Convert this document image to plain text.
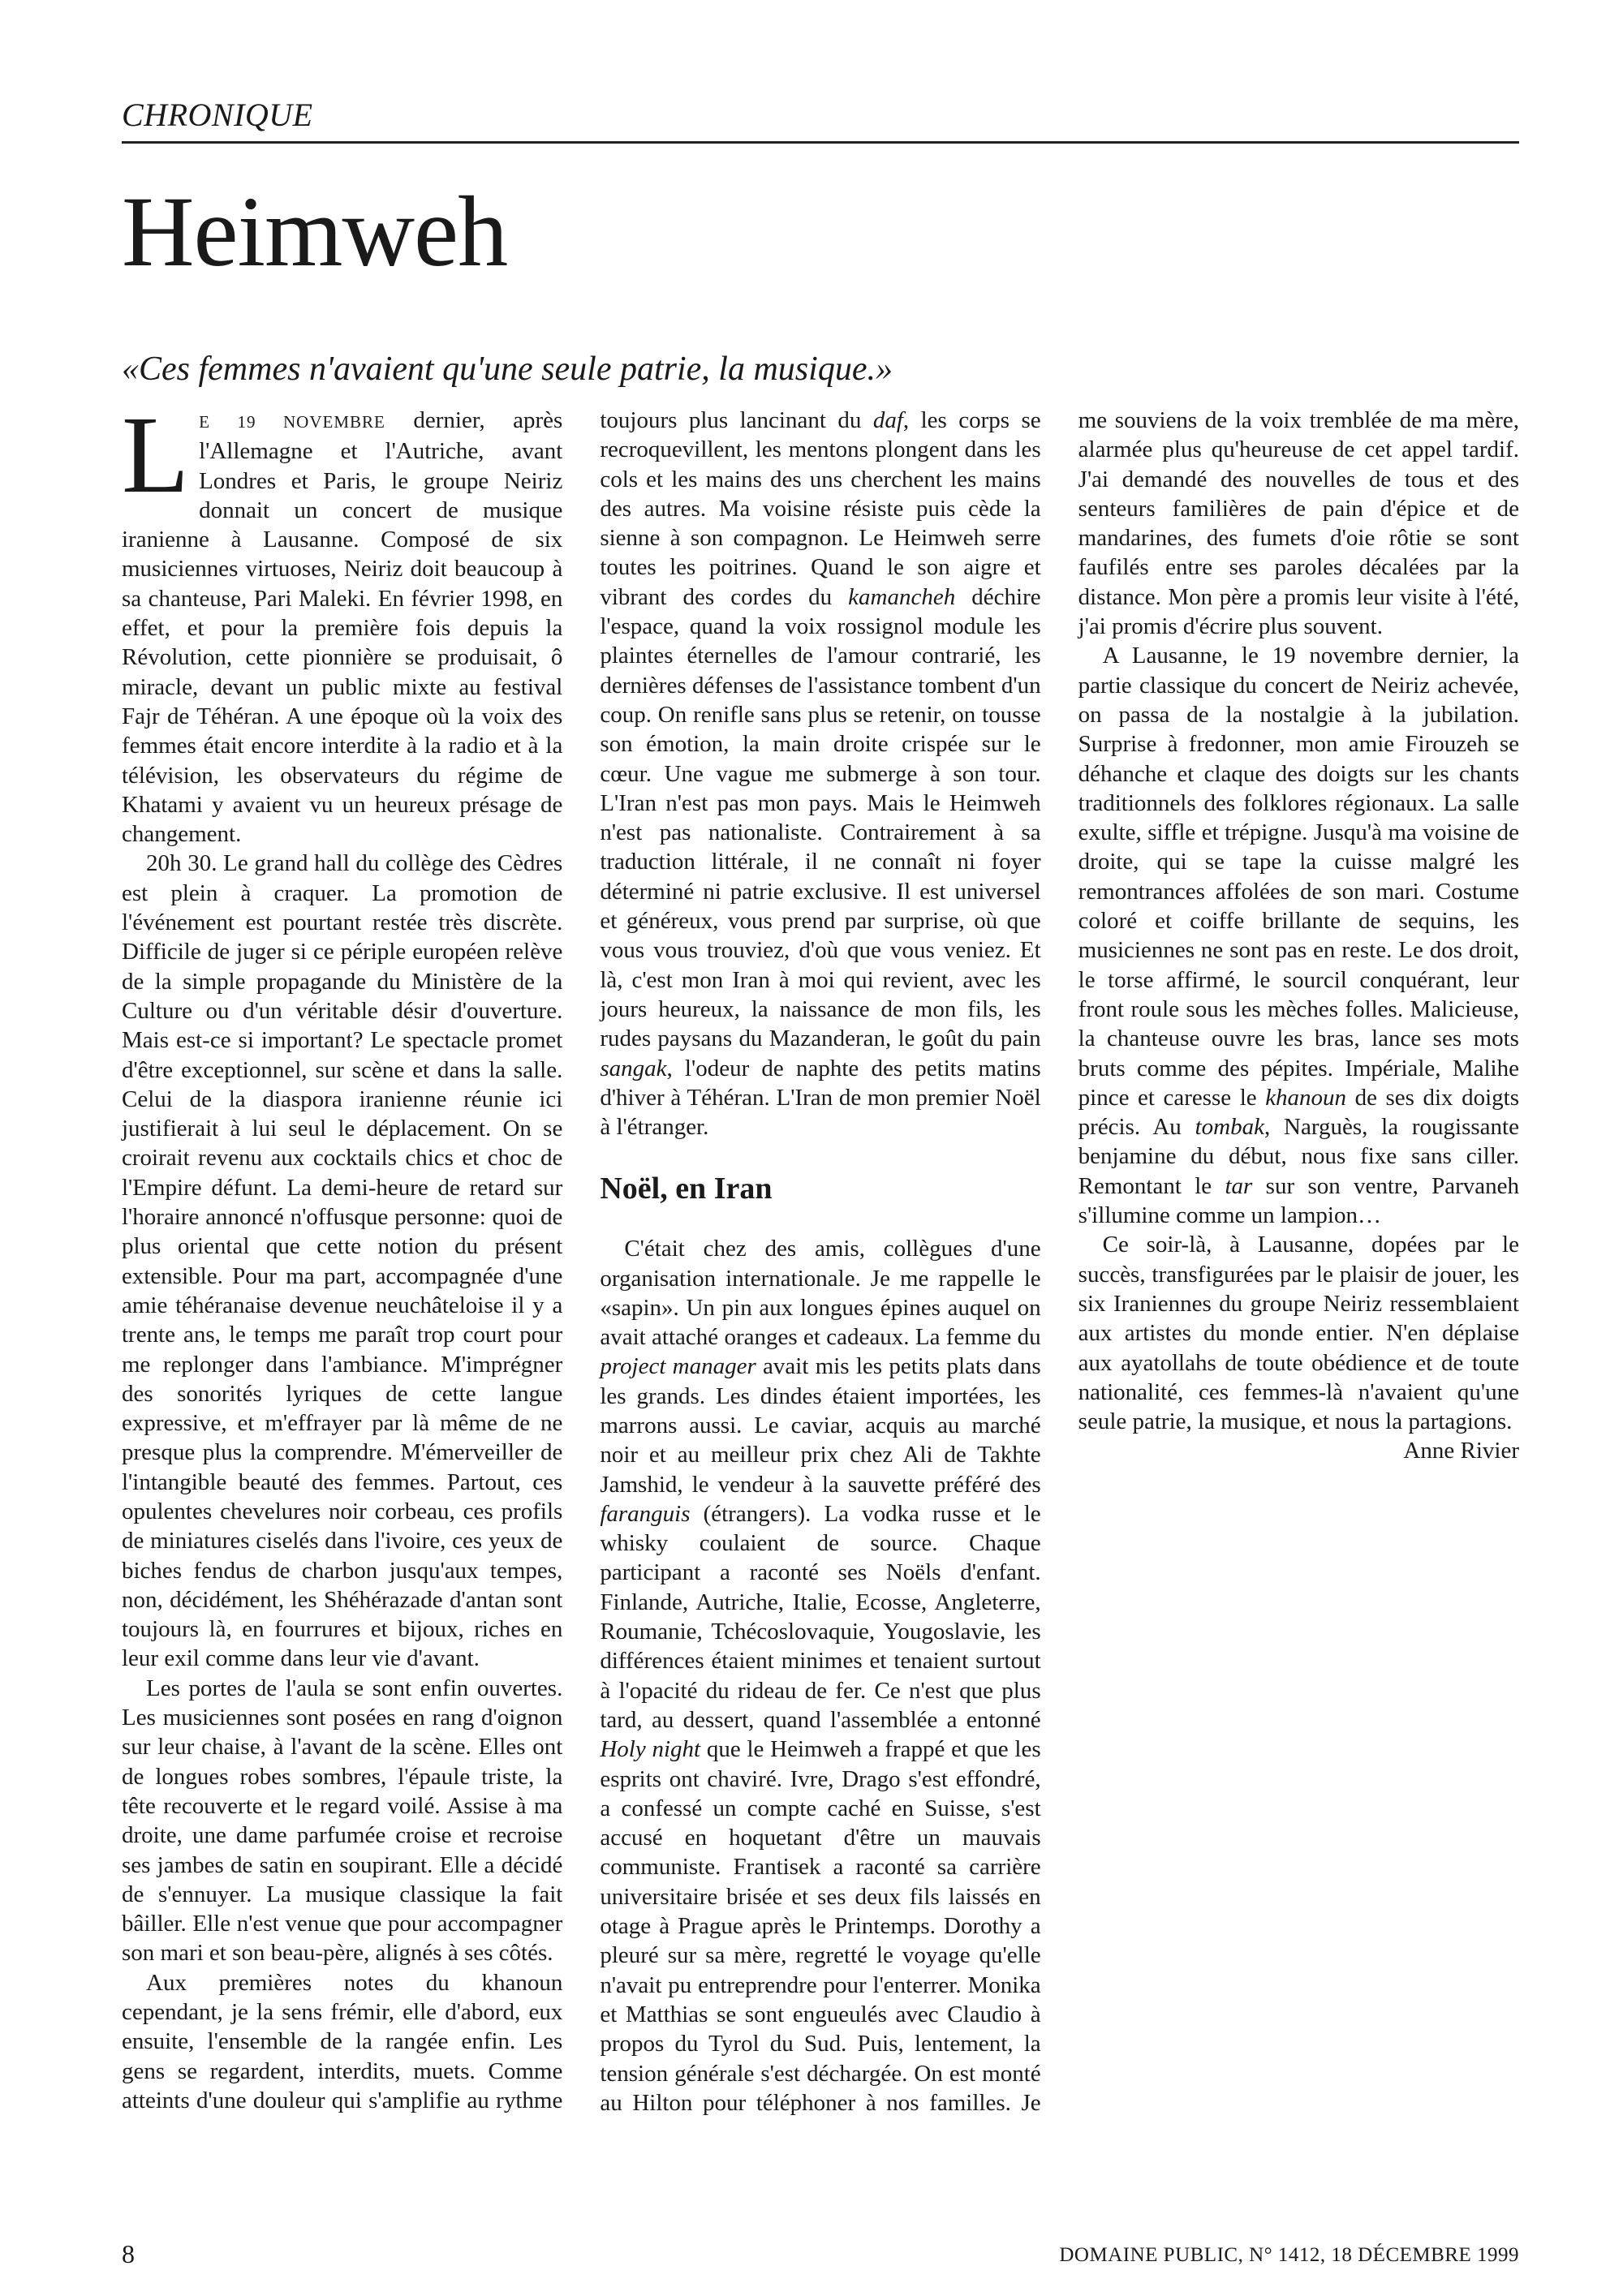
CHRONIQUE
Heimweh

«Ces femmes n'avaient qu'une seule patrie, la musique.»

LE 19 NOVEMBRE dernier, après l'Allemagne et l'Autriche, avant Londres et Paris, le groupe Neiriz donnait un concert de musique iranienne à Lausanne. Composé de six musiciennes virtuoses, Neiriz doit beaucoup à sa chanteuse, Pari Maleki. En février 1998, en effet, et pour la première fois depuis la Révolution, cette pionnière se produisait, ô miracle, devant un public mixte au festival Fajr de Téhéran. A une époque où la voix des femmes était encore interdite à la radio et à la télévision, les observateurs du régime de Khatami y avaient vu un heureux présage de changement.

20h 30. Le grand hall du collège des Cèdres est plein à craquer. La promotion de l'événement est pourtant restée très discrète. Difficile de juger si ce périple européen relève de la simple propagande du Ministère de la Culture ou d'un véritable désir d'ouverture. Mais est-ce si important? Le spectacle promet d'être exceptionnel, sur scène et dans la salle. Celui de la diaspora iranienne réunie ici justifierait à lui seul le déplacement. On se croirait revenu aux cocktails chics et choc de l'Empire défunt. La demi-heure de retard sur l'horaire annoncé n'offusque personne: quoi de plus oriental que cette notion du présent extensible. Pour ma part, accompagnée d'une amie téhéranaise devenue neuchâteloise il y a trente ans, le temps me paraît trop court pour me replonger dans l'ambiance. M'imprégner des sonorités lyriques de cette langue expressive, et m'effrayer par là même de ne presque plus la comprendre. M'émerveiller de l'intangible beauté des femmes. Partout, ces opulentes chevelures noir corbeau, ces profils de miniatures ciselés dans l'ivoire, ces yeux de biches fendus de charbon jusqu'aux tempes, non, décidément, les Shéhérazade d'antan sont toujours là, en fourrures et bijoux, riches en leur exil comme dans leur vie d'avant.

Les portes de l'aula se sont enfin ouvertes. Les musiciennes sont posées en rang d'oignon sur leur chaise, à l'avant de la scène. Elles ont de longues robes sombres, l'épaule triste, la tête recouverte et le regard voilé. Assise à ma droite, une dame parfumée croise et recroise ses jambes de satin en soupirant. Elle a décidé de s'ennuyer. La musique classique la fait bâiller. Elle n'est venue que pour accompagner son mari et son beau-père, alignés à ses côtés.

Aux premières notes du khanoun cependant, je la sens frémir, elle d'abord, eux ensuite, l'ensemble de la rangée enfin. Les gens se regardent, interdits, muets. Comme atteints d'une douleur qui s'amplifie au rythme toujours plus lancinant du daf, les corps se recroquevillent, les mentons plongent dans les cols et les mains des uns cherchent les mains des autres. Ma voisine résiste puis cède la sienne à son compagnon. Le Heimweh serre toutes les poitrines. Quand le son aigre et vibrant des cordes du kamancheh déchire l'espace, quand la voix rossignol module les plaintes éternelles de l'amour contrarié, les dernières défenses de l'assistance tombent d'un coup. On renifle sans plus se retenir, on tousse son émotion, la main droite crispée sur le cœur. Une vague me submerge à son tour. L'Iran n'est pas mon pays. Mais le Heimweh n'est pas nationaliste. Contrairement à sa traduction littérale, il ne connaît ni foyer déterminé ni patrie exclusive. Il est universel et généreux, vous prend par surprise, où que vous vous trouviez, d'où que vous veniez. Et là, c'est mon Iran à moi qui revient, avec les jours heureux, la naissance de mon fils, les rudes paysans du Mazanderan, le goût du pain sangak, l'odeur de naphte des petits matins d'hiver à Téhéran. L'Iran de mon premier Noël à l'étranger.

Noël, en Iran

C'était chez des amis, collègues d'une organisation internationale. Je me rappelle le «sapin». Un pin aux longues épines auquel on avait attaché oranges et cadeaux. La femme du project manager avait mis les petits plats dans les grands. Les dindes étaient importées, les marrons aussi. Le caviar, acquis au marché noir et au meilleur prix chez Ali de Takhte Jamshid, le vendeur à la sauvette préféré des faranguis (étrangers). La vodka russe et le whisky coulaient de source. Chaque participant a raconté ses Noëls d'enfant. Finlande, Autriche, Italie, Ecosse, Angleterre, Roumanie, Tchécoslovaquie, Yougoslavie, les différences étaient minimes et tenaient surtout à l'opacité du rideau de fer. Ce n'est que plus tard, au dessert, quand l'assemblée a entonné Holy night que le Heimweh a frappé et que les esprits ont chaviré. Ivre, Drago s'est effondré, a confessé un compte caché en Suisse, s'est accusé en hoquetant d'être un mauvais communiste. Frantisek a raconté sa carrière universitaire brisée et ses deux fils laissés en otage à Prague après le Printemps. Dorothy a pleuré sur sa mère, regretté le voyage qu'elle n'avait pu entreprendre pour l'enterrer. Monika et Matthias se sont engueulés avec Claudio à propos du Tyrol du Sud. Puis, lentement, la tension générale s'est déchargée. On est monté au Hilton pour téléphoner à nos familles. Je me souviens de la voix tremblée de ma mère, alarmée plus qu'heureuse de cet appel tardif. J'ai demandé des nouvelles de tous et des senteurs familières de pain d'épice et de mandarines, des fumets d'oie rôtie se sont faufilés entre ses paroles décalées par la distance. Mon père a promis leur visite à l'été, j'ai promis d'écrire plus souvent.

A Lausanne, le 19 novembre dernier, la partie classique du concert de Neiriz achevée, on passa de la nostalgie à la jubilation. Surprise à fredonner, mon amie Firouzeh se déhanche et claque des doigts sur les chants traditionnels des folklores régionaux. La salle exulte, siffle et trépigne. Jusqu'à ma voisine de droite, qui se tape la cuisse malgré les remontrances affolées de son mari. Costume coloré et coiffe brillante de sequins, les musiciennes ne sont pas en reste. Le dos droit, le torse affirmé, le sourcil conquérant, leur front roule sous les mèches folles. Malicieuse, la chanteuse ouvre les bras, lance ses mots bruts comme des pépites. Impériale, Malihe pince et caresse le khanoun de ses dix doigts précis. Au tombak, Narguès, la rougissante benjamine du début, nous fixe sans ciller. Remontant le tar sur son ventre, Parvaneh s'illumine comme un lampion…

Ce soir-là, à Lausanne, dopées par le succès, transfigurées par le plaisir de jouer, les six Iraniennes du groupe Neiriz ressemblaient aux artistes du monde entier. N'en déplaise aux ayatollahs de toute obédience et de toute nationalité, ces femmes-là n'avaient qu'une seule patrie, la musique, et nous la partagions.
Anne Rivier

8	DOMAINE PUBLIC, N° 1412, 18 DÉCEMBRE 1999
